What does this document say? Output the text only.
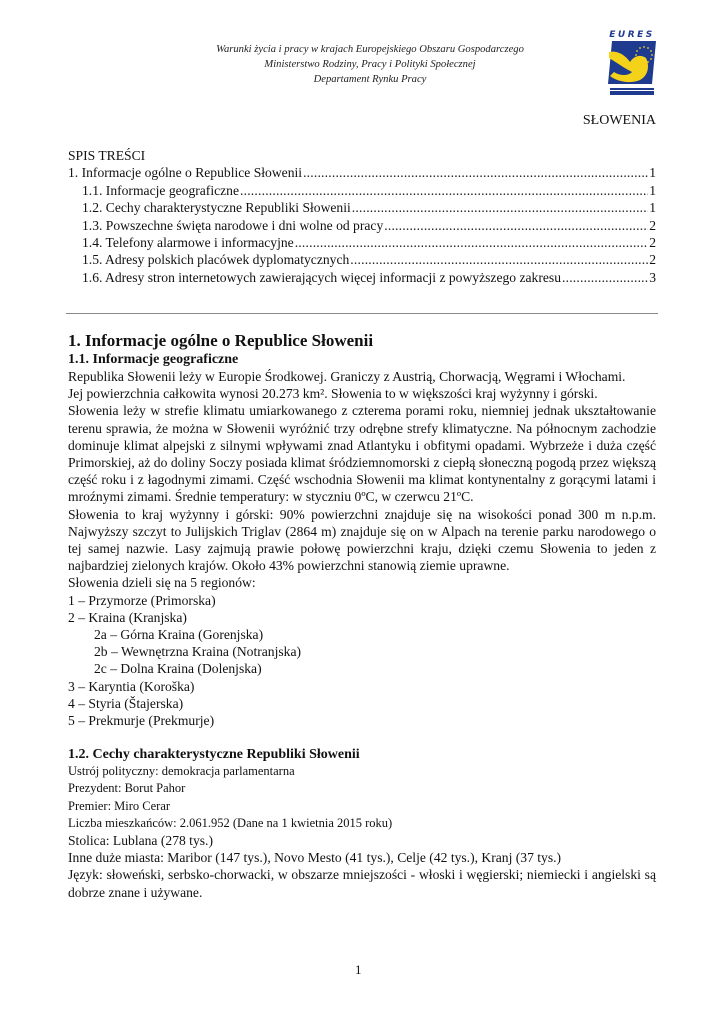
Warunki życia i pracy w krajach Europejskiego Obszaru Gospodarczego
Ministerstwo Rodziny, Pracy i Polityki Społecznej
Departament Rynku Pracy
EURES
SŁOWENIA
SPIS TREŚCI
1. Informacje ogólne o Republice Słowenii .....	1
1.1. Informacje geograficzne .....	1
1.2. Cechy charakterystyczne Republiki Słowenii .....	1
1.3. Powszechne święta narodowe i dni wolne od pracy .....	2
1.4. Telefony alarmowe i informacyjne .....	2
1.5. Adresy polskich placówek dyplomatycznych .....	2
1.6. Adresy stron internetowych zawierających więcej informacji z powyższego zakresu .....	3
1. Informacje ogólne o Republice Słowenii
1.1. Informacje geograficzne

Republika Słowenii leży w Europie Środkowej. Graniczy z Austrią, Chorwacją, Węgrami i Włochami.

Jej powierzchnia całkowita wynosi 20.273 km². Słowenia to w większości kraj wyżynny i górski.

Słowenia leży w strefie klimatu umiarkowanego z czterema porami roku, niemniej jednak ukształtowanie terenu sprawia, że można w Słowenii wyróżnić trzy odrębne strefy klimatyczne. Na północnym zachodzie dominuje klimat alpejski z silnymi wpływami znad Atlantyku i obfitymi opadami. Wybrzeże i duża część Primorskiej, aż do doliny Soczy posiada klimat śródziemnomorski z ciepłą słoneczną pogodą przez większą część roku i z łagodnymi zimami. Część wschodnia Słowenii ma klimat kontynentalny z gorącymi latami i mroźnymi zimami. Średnie temperatury: w styczniu 0ºC, w czerwcu 21ºC.

Słowenia to kraj wyżynny i górski: 90% powierzchni znajduje się na wisokości ponad 300 m n.p.m. Najwyższy szczyt to Julijskich Triglav (2864 m) znajduje się on w Alpach na terenie parku narodowego o tej samej nazwie. Lasy zajmują prawie połowę powierzchni kraju, dzięki czemu Słowenia to jeden z najbardziej zielonych krajów. Około 43% powierzchni stanowią ziemie uprawne.

Słowenia dzieli się na 5 regionów:

1 – Przymorze (Primorska)

2 – Kraina (Kranjska)

2a – Górna Kraina (Gorenjska)

2b – Wewnętrzna Kraina (Notranjska)

2c – Dolna Kraina (Dolenjska)

3 – Karyntia (Koroška)

4 – Styria (Štajerska)

5 – Prekmurje (Prekmurje)

1.2. Cechy charakterystyczne Republiki Słowenii

Ustrój polityczny: demokracja parlamentarna

Prezydent: Borut Pahor

Premier: Miro Cerar

Liczba mieszkańców: 2.061.952 (Dane na 1 kwietnia 2015 roku)

Stolica: Lublana (278 tys.)

Inne duże miasta: Maribor (147 tys.), Novo Mesto (41 tys.), Celje (42 tys.), Kranj (37 tys.)

Język: słoweński, serbsko-chorwacki, w obszarze mniejszości - włoski i węgierski; niemiecki i angielski są dobrze znane i używane.

1
